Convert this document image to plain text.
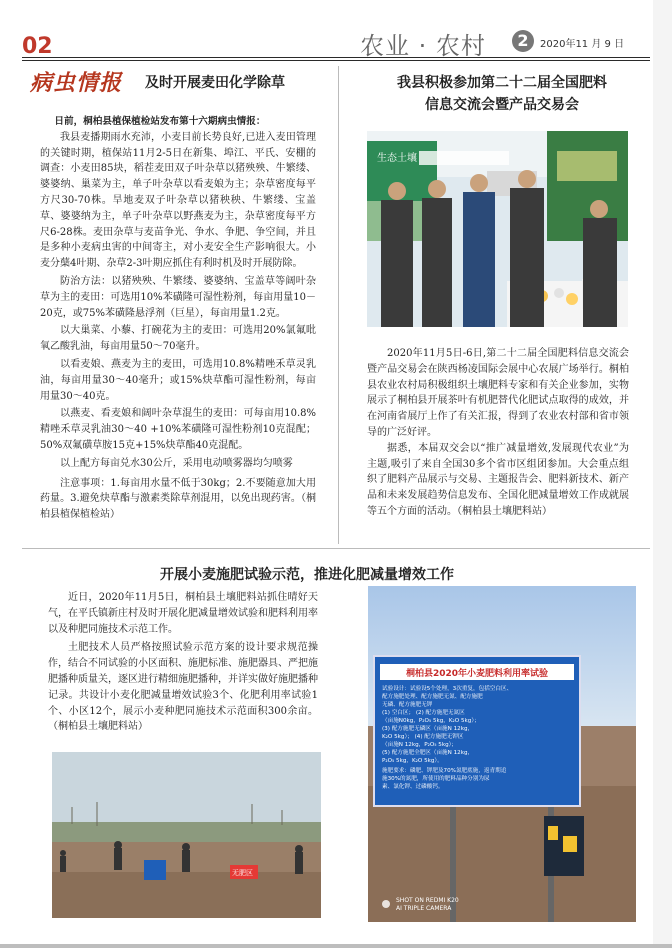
02	农业 · 农村	2	2020年11 月 9 日
病虫情报 及时开展麦田化学除草

日前，桐柏县植保植检站发布第十六期病虫情报：

我县麦播期雨水充沛，小麦目前长势良好,已进入麦田管理的关键时期，植保站11月2-5日在新集、埠江、平氏、安棚的调查：小麦田85块，稻茬麦田双子叶杂草以猪殃殃、牛繁缕、婆婆纳、巢菜为主，单子叶杂草以看麦娘为主；杂草密度每平方尺30-70株。旱地麦双子叶杂草以猪秧秧、牛繁缕、宝盖草、婆婆纳为主，单子叶杂草以野燕麦为主，杂草密度每平方尺6-28株。麦田杂草与麦苗争光、争水、争肥、争空间，并且是多种小麦病虫害的中间寄主，对小麦安全生产影响很大。小麦分蘖4叶期、杂草2-3叶期应抓住有利时机及时开展防除。

防治方法：以猪殃殃、牛繁缕、婆婆纳、宝盖草等阔叶杂草为主的麦田：可选用10%苯磺隆可湿性粉剂，每亩用量10－20克，或75%苯磺隆悬浮剂（巨星），每亩用量1.2克。

以大巢菜、小藜、打碗花为主的麦田：可选用20%氯氟吡氧乙酸乳油，每亩用量50～70毫升。

以看麦娘、燕麦为主的麦田，可选用10.8%精唑禾草灵乳油，每亩用量30～40毫升；或15%炔草酯可湿性粉剂，每亩用量30～40克。

以燕麦、看麦娘和阔叶杂草混生的麦田：可每亩用10.8%精唑禾草灵乳油30～40 +10%苯磺隆可湿性粉剂10克混配；50%双氟磺草胺15克+15%炔草酯40克混配。

以上配方每亩兑水30公斤，采用电动喷雾器均匀喷雾

注意事项：1.每亩用水量不低于30kg；2.不要随意加大用药量。3.避免炔草酯与激素类除草剂混用，以免出现药害。（桐柏县植保植检站）

我县积极参加第二十二届全国肥料
信息交流会暨产品交易会
生态土壤

2020年11月5日-6日,第二十二届全国肥料信息交流会暨产品交易会在陕西杨凌国际会展中心农展广场举行。桐柏县农业农村局积极组织土壤肥料专家和有关企业参加，实物展示了桐柏县开展茶叶有机肥替代化肥试点取得的成效，并在河南省展厅上作了有关汇报，得到了农业农村部和省市领导的广泛好评。

据悉，本届双交会以“推广减量增效,发展现代农业”为主题,吸引了来自全国30多个省市区组团参加。大会重点组织了肥料产品展示与交易、主题报告会、肥料新技术、新产品和未来发展趋势信息发布、全国化肥减量增效工作成就展等五个方面的活动。（桐柏县土壤肥料站）

开展小麦施肥试验示范，推进化肥减量增效工作

近日，2020年11月5日，桐柏县土壤肥料站抓住晴好天气，在平氏镇新庄村及时开展化肥减量增效试验和肥料利用率以及种肥同施技术示范工作。

土肥技术人员严格按照试验示范方案的设计要求规范操作，结合不同试验的小区面积、施肥标准、施肥器具、严把施肥播种质量关，逐区进行精细施肥播种，并详实做好施肥播种记录。共设计小麦化肥减量增效试验3个、化肥利用率试验1个、小区12个，展示小麦种肥同施技术示范面积300余亩。（桐柏县土壤肥料站）

无肥区
桐柏县2020年小麦肥料利用率试验
试验设计：试验设5个处理，3次重复，包括空白区、
配方施肥处理、配方施肥无氮、配方施肥
无磷、配方施肥无钾
(1) 空白区； (2) 配方施肥无氮区
（亩施N0kg，P₂O₅ 5kg，K₂O 5kg）；
(3) 配方施肥无磷区（亩施N 12kg，
K₂O 5kg）； (4) 配方施肥无钾区
（亩施N 12kg，P₂O₅ 5kg）；
(5) 配方施肥全肥区（亩施N 12kg，
P₂O₅ 5kg，K₂O 5kg）。
施肥要求：磷肥、钾肥及70%氮肥底施，返青期追
施30%的氮肥，所使用的肥料品种分别为尿
素、氯化钾、过磷酸钙。
SHOT ON REDMI K20
AI TRIPLE CAMERA
